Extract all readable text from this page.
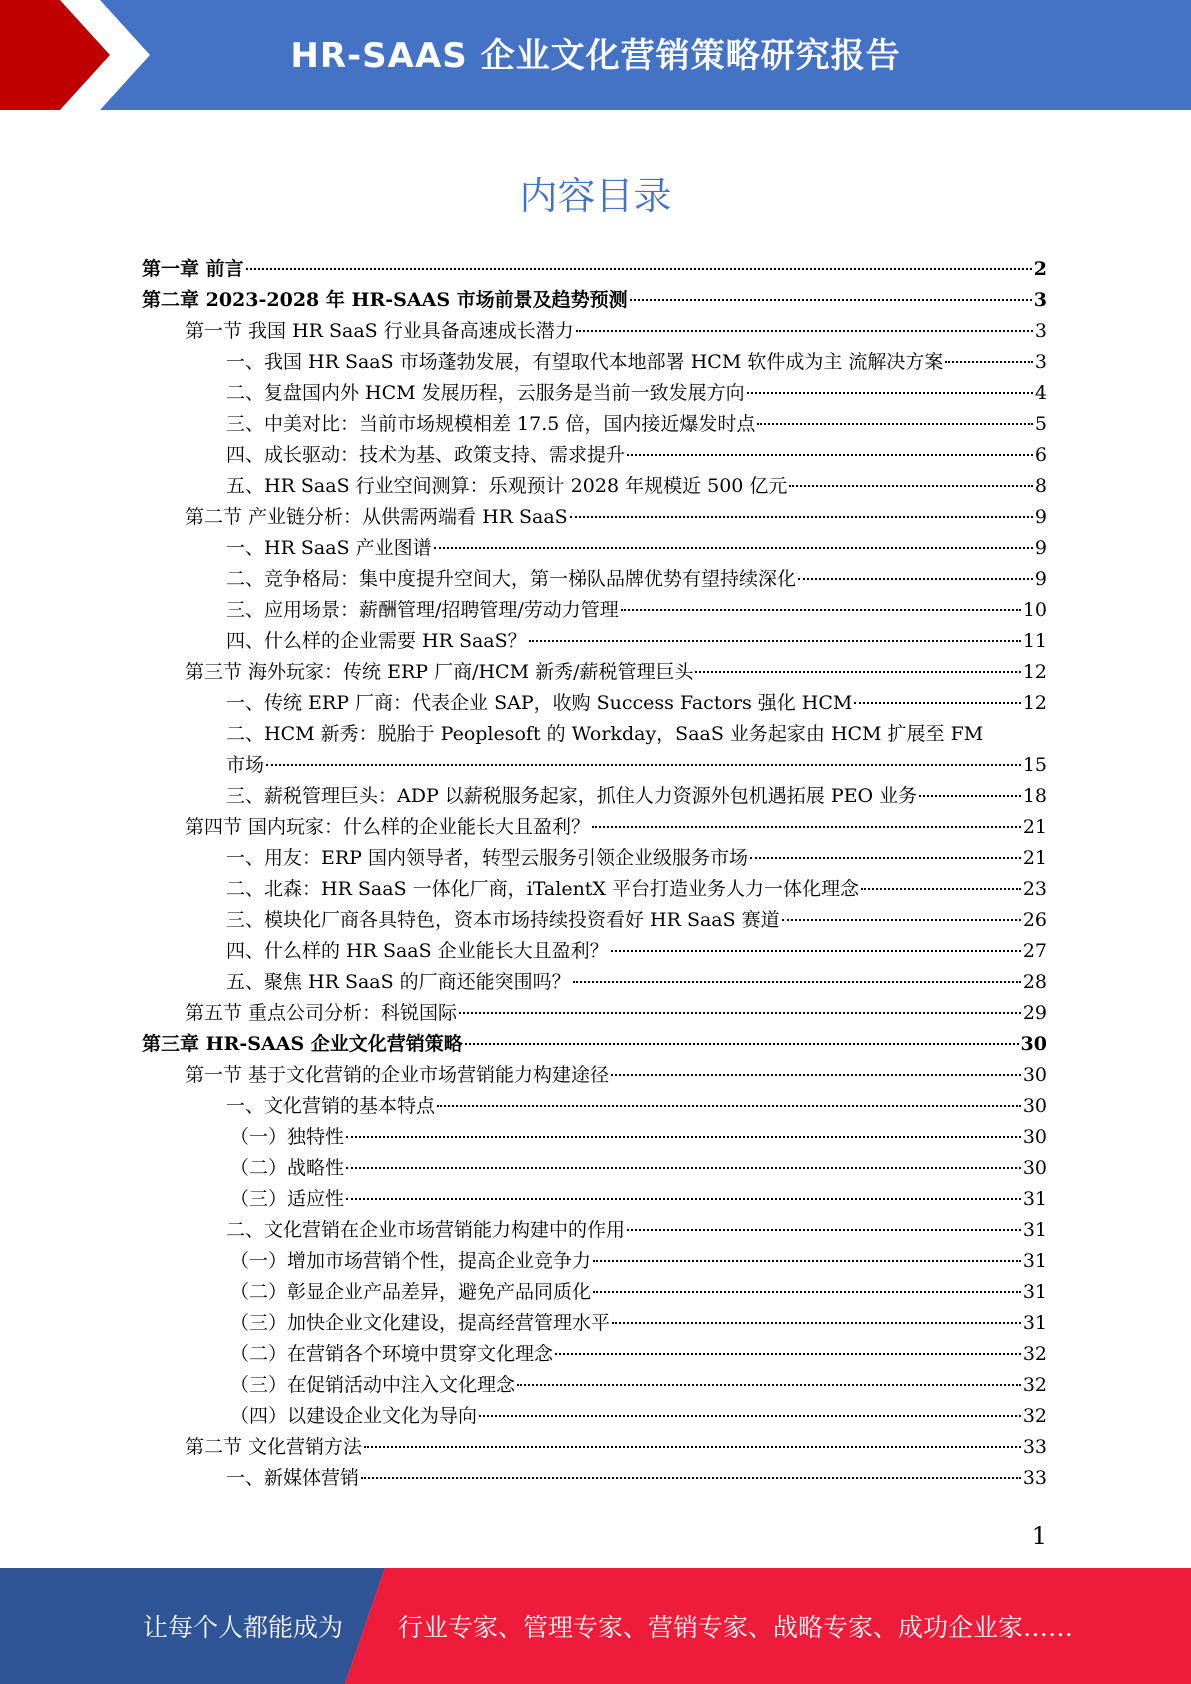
HR-SAAS 企业文化营销策略研究报告
内容目录
第一章 前言	2
第二章 2023-2028 年 HR-SAAS 市场前景及趋势预测	3
第一节 我国 HR SaaS 行业具备高速成长潜力	3
一、我国 HR SaaS 市场蓬勃发展，有望取代本地部署 HCM 软件成为主 流解决方案	3
二、复盘国内外 HCM 发展历程，云服务是当前一致发展方向	4
三、中美对比：当前市场规模相差 17.5 倍，国内接近爆发时点	5
四、成长驱动：技术为基、政策支持、需求提升	6
五、HR SaaS 行业空间测算：乐观预计 2028 年规模近 500 亿元	8
第二节 产业链分析：从供需两端看 HR SaaS	9
一、HR SaaS 产业图谱	9
二、竞争格局：集中度提升空间大，第一梯队品牌优势有望持续深化	9
三、应用场景：薪酬管理/招聘管理/劳动力管理	10
四、什么样的企业需要 HR SaaS？	11
第三节 海外玩家：传统 ERP 厂商/HCM 新秀/薪税管理巨头	12
一、传统 ERP 厂商：代表企业 SAP，收购 Success Factors 强化 HCM	12
二、HCM 新秀：脱胎于 Peoplesoft 的 Workday，SaaS 业务起家由 HCM 扩展至 FM
市场	15
三、薪税管理巨头：ADP 以薪税服务起家，抓住人力资源外包机遇拓展 PEO 业务	18
第四节 国内玩家：什么样的企业能长大且盈利？	21
一、用友：ERP 国内领导者，转型云服务引领企业级服务市场	21
二、北森：HR SaaS 一体化厂商，iTalentX 平台打造业务人力一体化理念	23
三、模块化厂商各具特色，资本市场持续投资看好 HR SaaS 赛道	26
四、什么样的 HR SaaS 企业能长大且盈利？	27
五、聚焦 HR SaaS 的厂商还能突围吗？	28
第五节 重点公司分析：科锐国际	29
第三章 HR-SAAS 企业文化营销策略	30
第一节 基于文化营销的企业市场营销能力构建途径	30
一、文化营销的基本特点	30
（一）独特性	30
（二）战略性	30
（三）适应性	31
二、文化营销在企业市场营销能力构建中的作用	31
（一）增加市场营销个性，提高企业竞争力	31
（二）彰显企业产品差异，避免产品同质化	31
（三）加快企业文化建设，提高经营管理水平	31
（二）在营销各个环境中贯穿文化理念	32
（三）在促销活动中注入文化理念	32
（四）以建设企业文化为导向	32
第二节 文化营销方法	33
一、新媒体营销	33
1
让每个人都能成为 行业专家、管理专家、营销专家、战略专家、成功企业家……
